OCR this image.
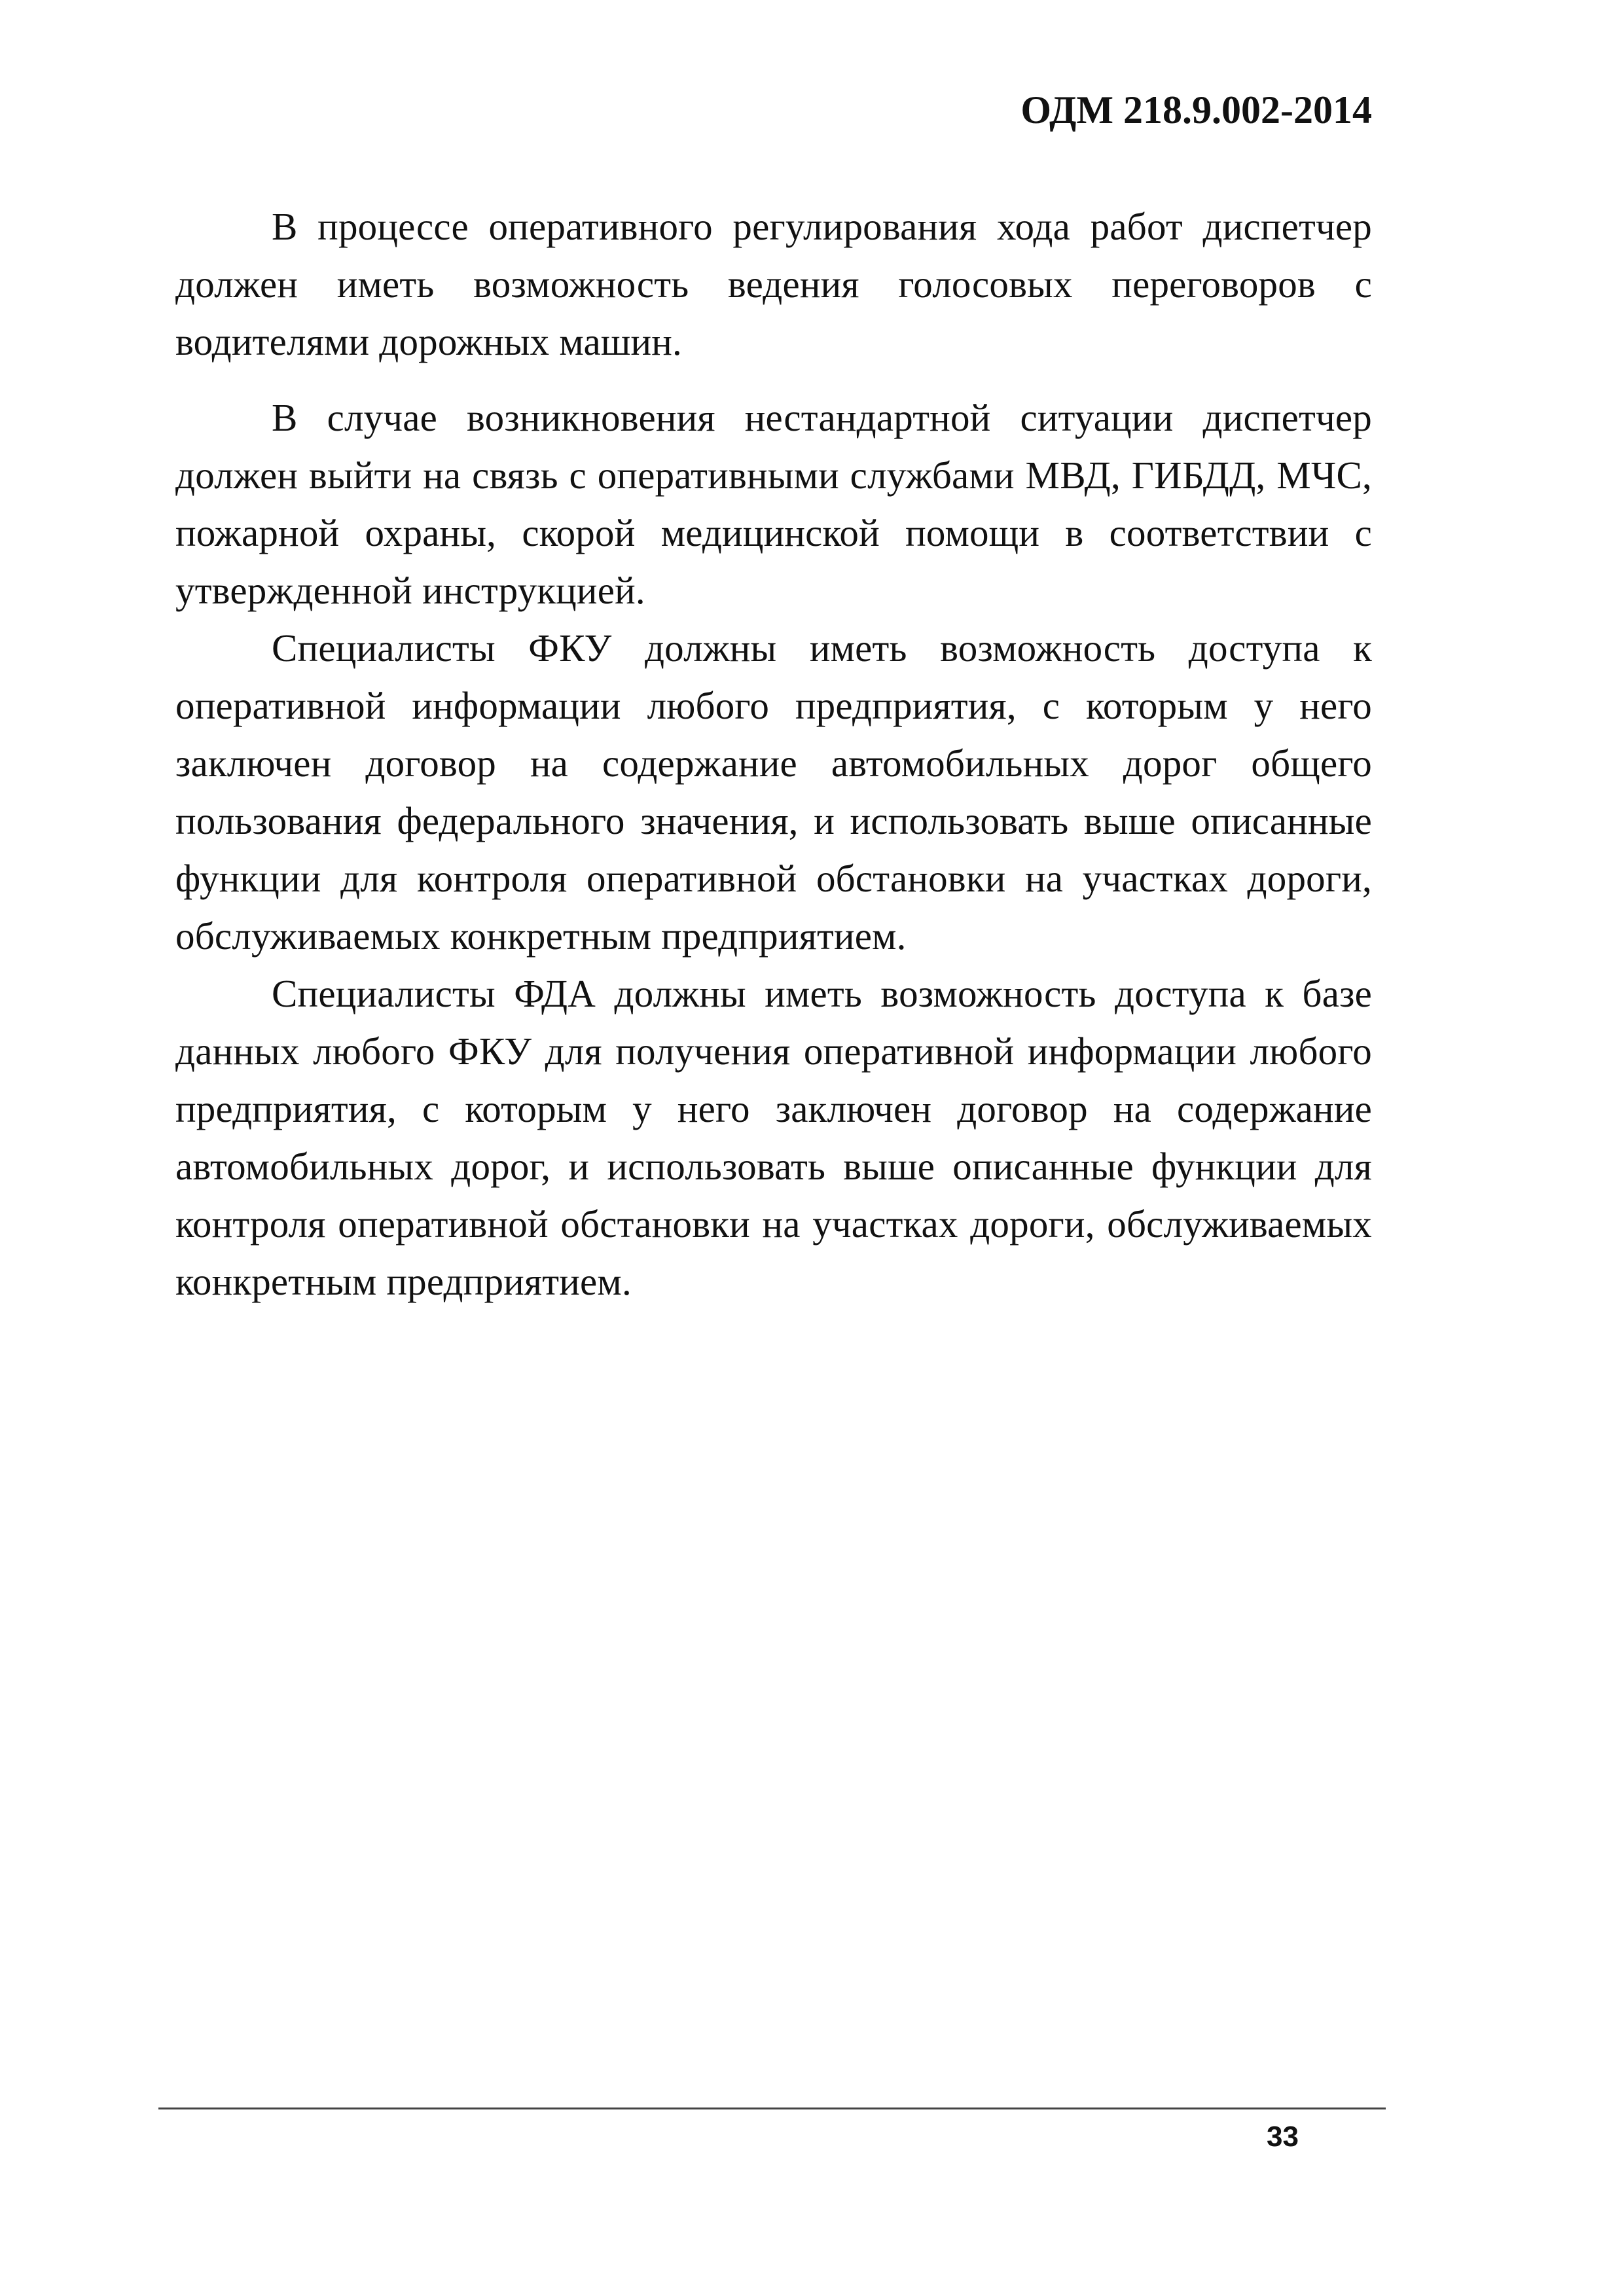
ОДМ 218.9.002-2014

В процессе оперативного регулирования хода работ диспетчер должен иметь возможность ведения голосовых переговоров с водителями дорожных машин.

В случае возникновения нестандартной ситуации диспетчер должен выйти на связь с оперативными службами МВД, ГИБДД, МЧС, пожарной охраны, скорой медицинской помощи в соответствии с утвержденной инструкцией.

Специалисты ФКУ должны иметь возможность доступа к оперативной информации любого предприятия, с которым у него заключен договор на содержание автомобильных дорог общего пользования федерального значения, и использовать выше описанные функции для контроля оперативной обстановки на участках дороги, обслуживаемых конкретным предприятием.

Специалисты ФДА должны иметь возможность доступа к базе данных любого ФКУ для получения оперативной информации любого предприятия, с которым у него заключен договор на содержание автомобильных дорог, и использовать выше описанные функции для контроля оперативной обстановки на участках дороги, обслуживаемых конкретным предприятием.

33
